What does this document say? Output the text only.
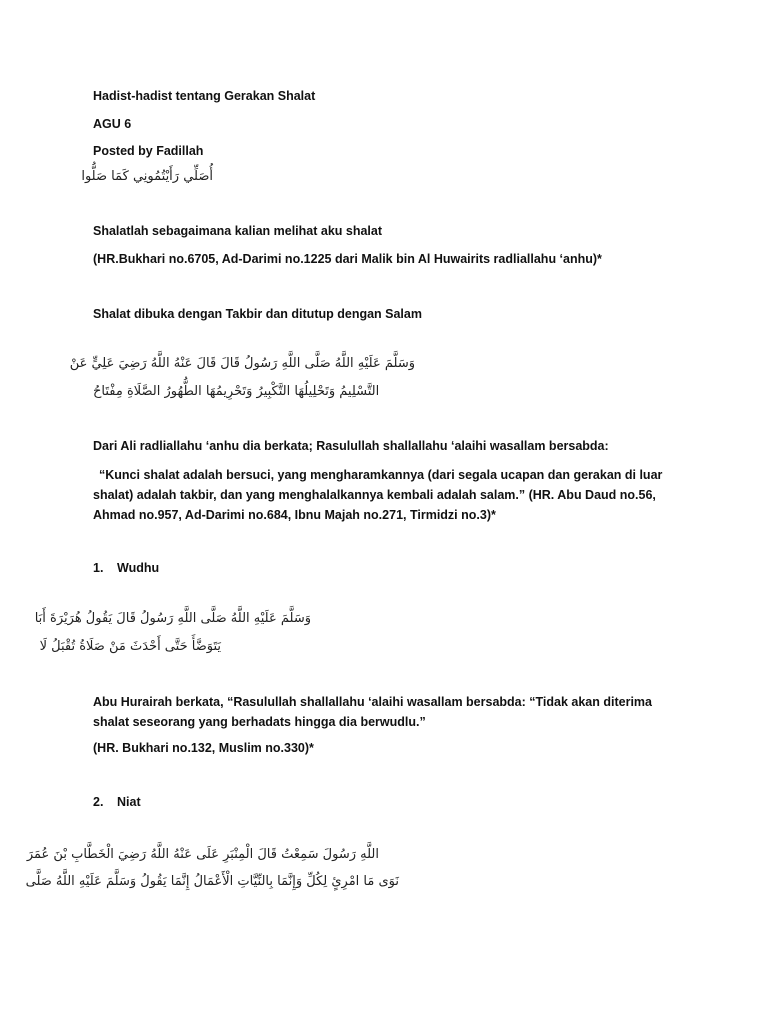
Hadist-hadist tentang Gerakan Shalat
AGU 6
Posted by Fadillah
أُصَلِّي رَأَيْتُمُونِي كَمَا صَلُّوا
Shalatlah sebagaimana kalian melihat aku shalat
(HR.Bukhari no.6705, Ad-Darimi no.1225 dari Malik bin Al Huwairits radliallahu ‘anhu)*
Shalat dibuka dengan Takbir dan ditutup dengan Salam
وَسَلَّمَ عَلَيْهِ اللَّهُ صَلَّى اللَّهِ رَسُولُ قَالَ قَالَ عَنْهُ اللَّهُ رَضِيَ عَلِيٍّ عَنْ
التَّسْلِيمُ وَتَحْلِيلُهَا التَّكْبِيرُ وَتَحْرِيمُهَا الطُّهُورُ الصَّلَاةِ مِفْتَاحُ
Dari Ali radliallahu ‘anhu dia berkata; Rasulullah shallallahu ‘alaihi wasallam bersabda:
“Kunci shalat adalah bersuci, yang mengharamkannya (dari segala ucapan dan gerakan di luar shalat) adalah takbir, dan yang menghalalkannya kembali adalah salam.” (HR. Abu Daud no.56, Ahmad no.957, Ad-Darimi no.684, Ibnu Majah no.271, Tirmidzi no.3)*
1. Wudhu
وَسَلَّمَ عَلَيْهِ اللَّهُ صَلَّى اللَّهِ رَسُولُ قَالَ يَقُولُ هُرَيْرَةَ أَبَا
يَتَوَضَّأَ حَتَّى أَحْدَثَ مَنْ صَلَاةُ تُقْبَلُ لَا
Abu Hurairah berkata, “Rasulullah shallallahu ‘alaihi wasallam bersabda: “Tidak akan diterima shalat seseorang yang berhadats hingga dia berwudlu.”
(HR. Bukhari no.132, Muslim no.330)*
2. Niat
اللَّهِ رَسُولَ سَمِعْتُ قَالَ الْمِنْبَرِ عَلَى عَنْهُ اللَّهُ رَضِيَ الْخَطَّابِ بْنَ عُمَرَ
نَوَى مَا امْرِئٍ لِكُلِّ وَإِنَّمَا بِالنِّيَّاتِ الْأَعْمَالُ إِنَّمَا يَقُولُ وَسَلَّمَ عَلَيْهِ اللَّهُ صَلَّى
